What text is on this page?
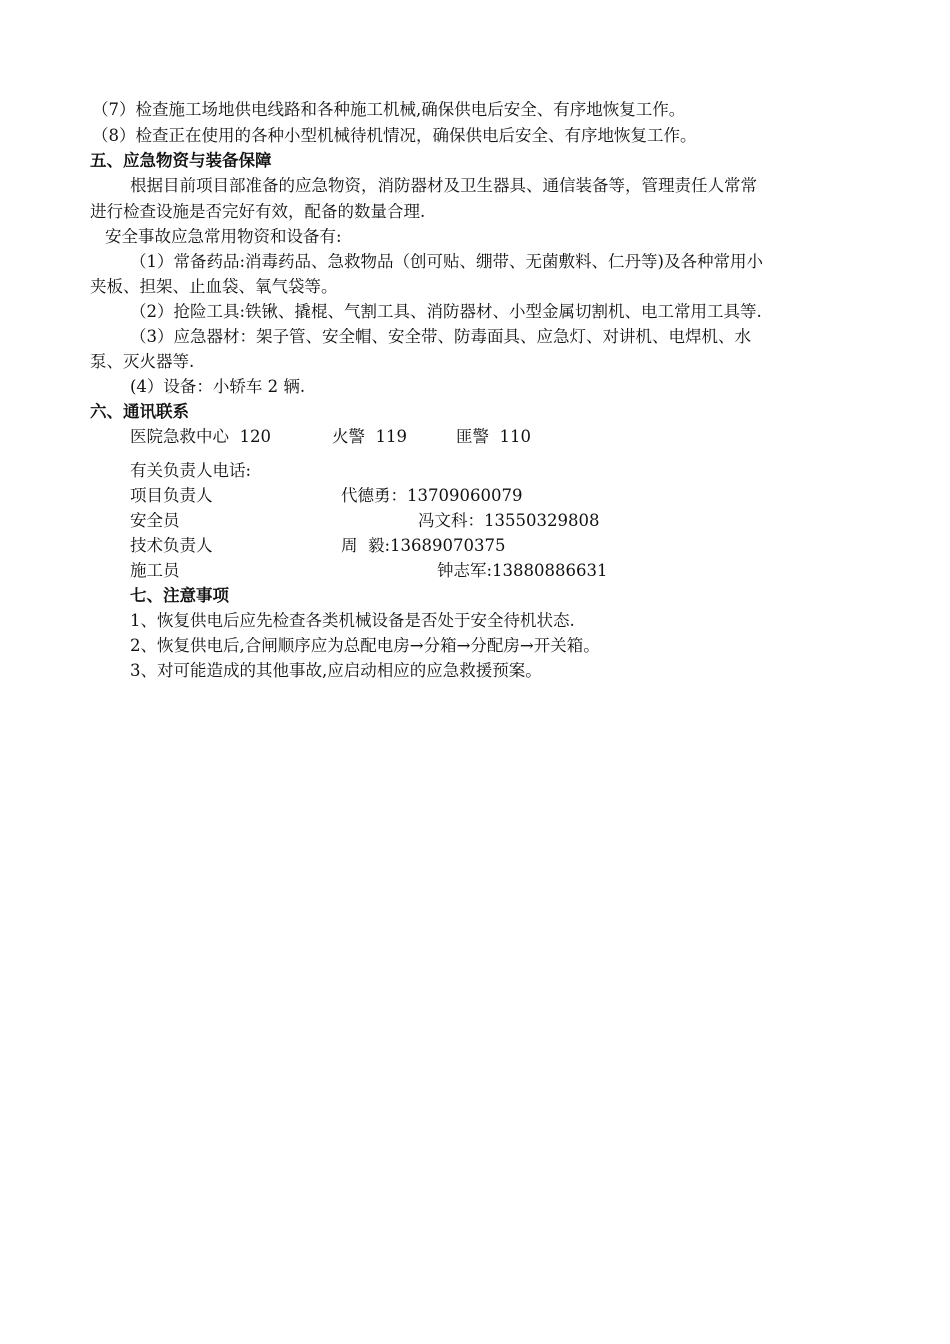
（7）检查施工场地供电线路和各种施工机械,确保供电后安全、有序地恢复工作。
（8）检查正在使用的各种小型机械待机情况，确保供电后安全、有序地恢复工作。
五、应急物资与装备保障
根据目前项目部准备的应急物资，消防器材及卫生器具、通信装备等，管理责任人常常
进行检查设施是否完好有效，配备的数量合理.
安全事故应急常用物资和设备有:
（1）常备药品:消毒药品、急救物品（创可贴、绷带、无菌敷料、仁丹等)及各种常用小
夹板、担架、止血袋、氧气袋等。
（2）抢险工具:铁锹、撬棍、气割工具、消防器材、小型金属切割机、电工常用工具等.
（3）应急器材：架子管、安全帽、安全带、防毒面具、应急灯、对讲机、电焊机、水
泵、灭火器等.
(4）设备：小轿车 2 辆.
六、通讯联系
医院急救中心 120	火警 119	匪警 110
有关负责人电话:
项目负责人	代德勇：13709060079
安全员	冯文科：13550329808
技术负责人	周  毅:13689070375
施工员	钟志军:13880886631
七、注意事项
1、恢复供电后应先检查各类机械设备是否处于安全待机状态.
2、恢复供电后,合闸顺序应为总配电房→分箱→分配房→开关箱。
3、对可能造成的其他事故,应启动相应的应急救援预案。
